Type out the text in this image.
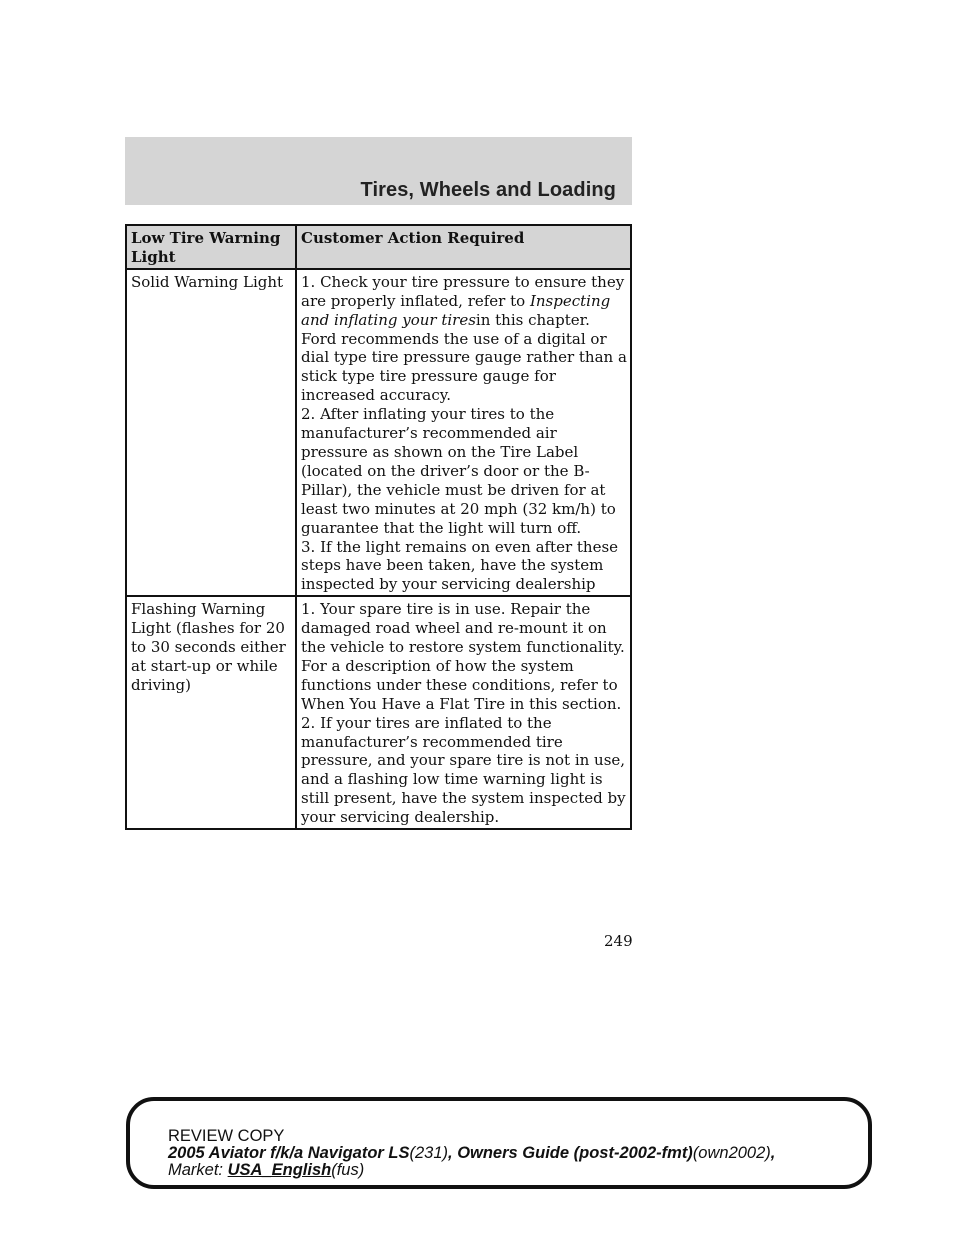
Tires, Wheels and Loading
Low Tire Warning Light	Customer Action Required
Solid Warning Light	1. Check your tire pressure to ensure they are properly inflated, refer to Inspecting and inflating your tiresin this chapter. Ford recommends the use of a digital or dial type tire pressure gauge rather than a stick type tire pressure gauge for increased accuracy.
2. After inflating your tires to the manufacturer’s recommended air pressure as shown on the Tire Label (located on the driver’s door or the B-Pillar), the vehicle must be driven for at least two minutes at 20 mph (32 km/h) to guarantee that the light will turn off.
3. If the light remains on even after these steps have been taken, have the system inspected by your servicing dealership

Flashing Warning Light (flashes for 20 to 30 seconds either at start-up or while driving)	1. Your spare tire is in use. Repair the damaged road wheel and re-mount it on the vehicle to restore system functionality. For a description of how the system functions under these conditions, refer to When You Have a Flat Tire in this section.
2. If your tires are inflated to the manufacturer’s recommended tire pressure, and your spare tire is not in use, and a flashing low time warning light is still present, have the system inspected by your servicing dealership.
249
REVIEW COPY
2005 Aviator f/k/a Navigator LS(231), Owners Guide (post-2002-fmt)(own2002),
Market: USA_English(fus)
